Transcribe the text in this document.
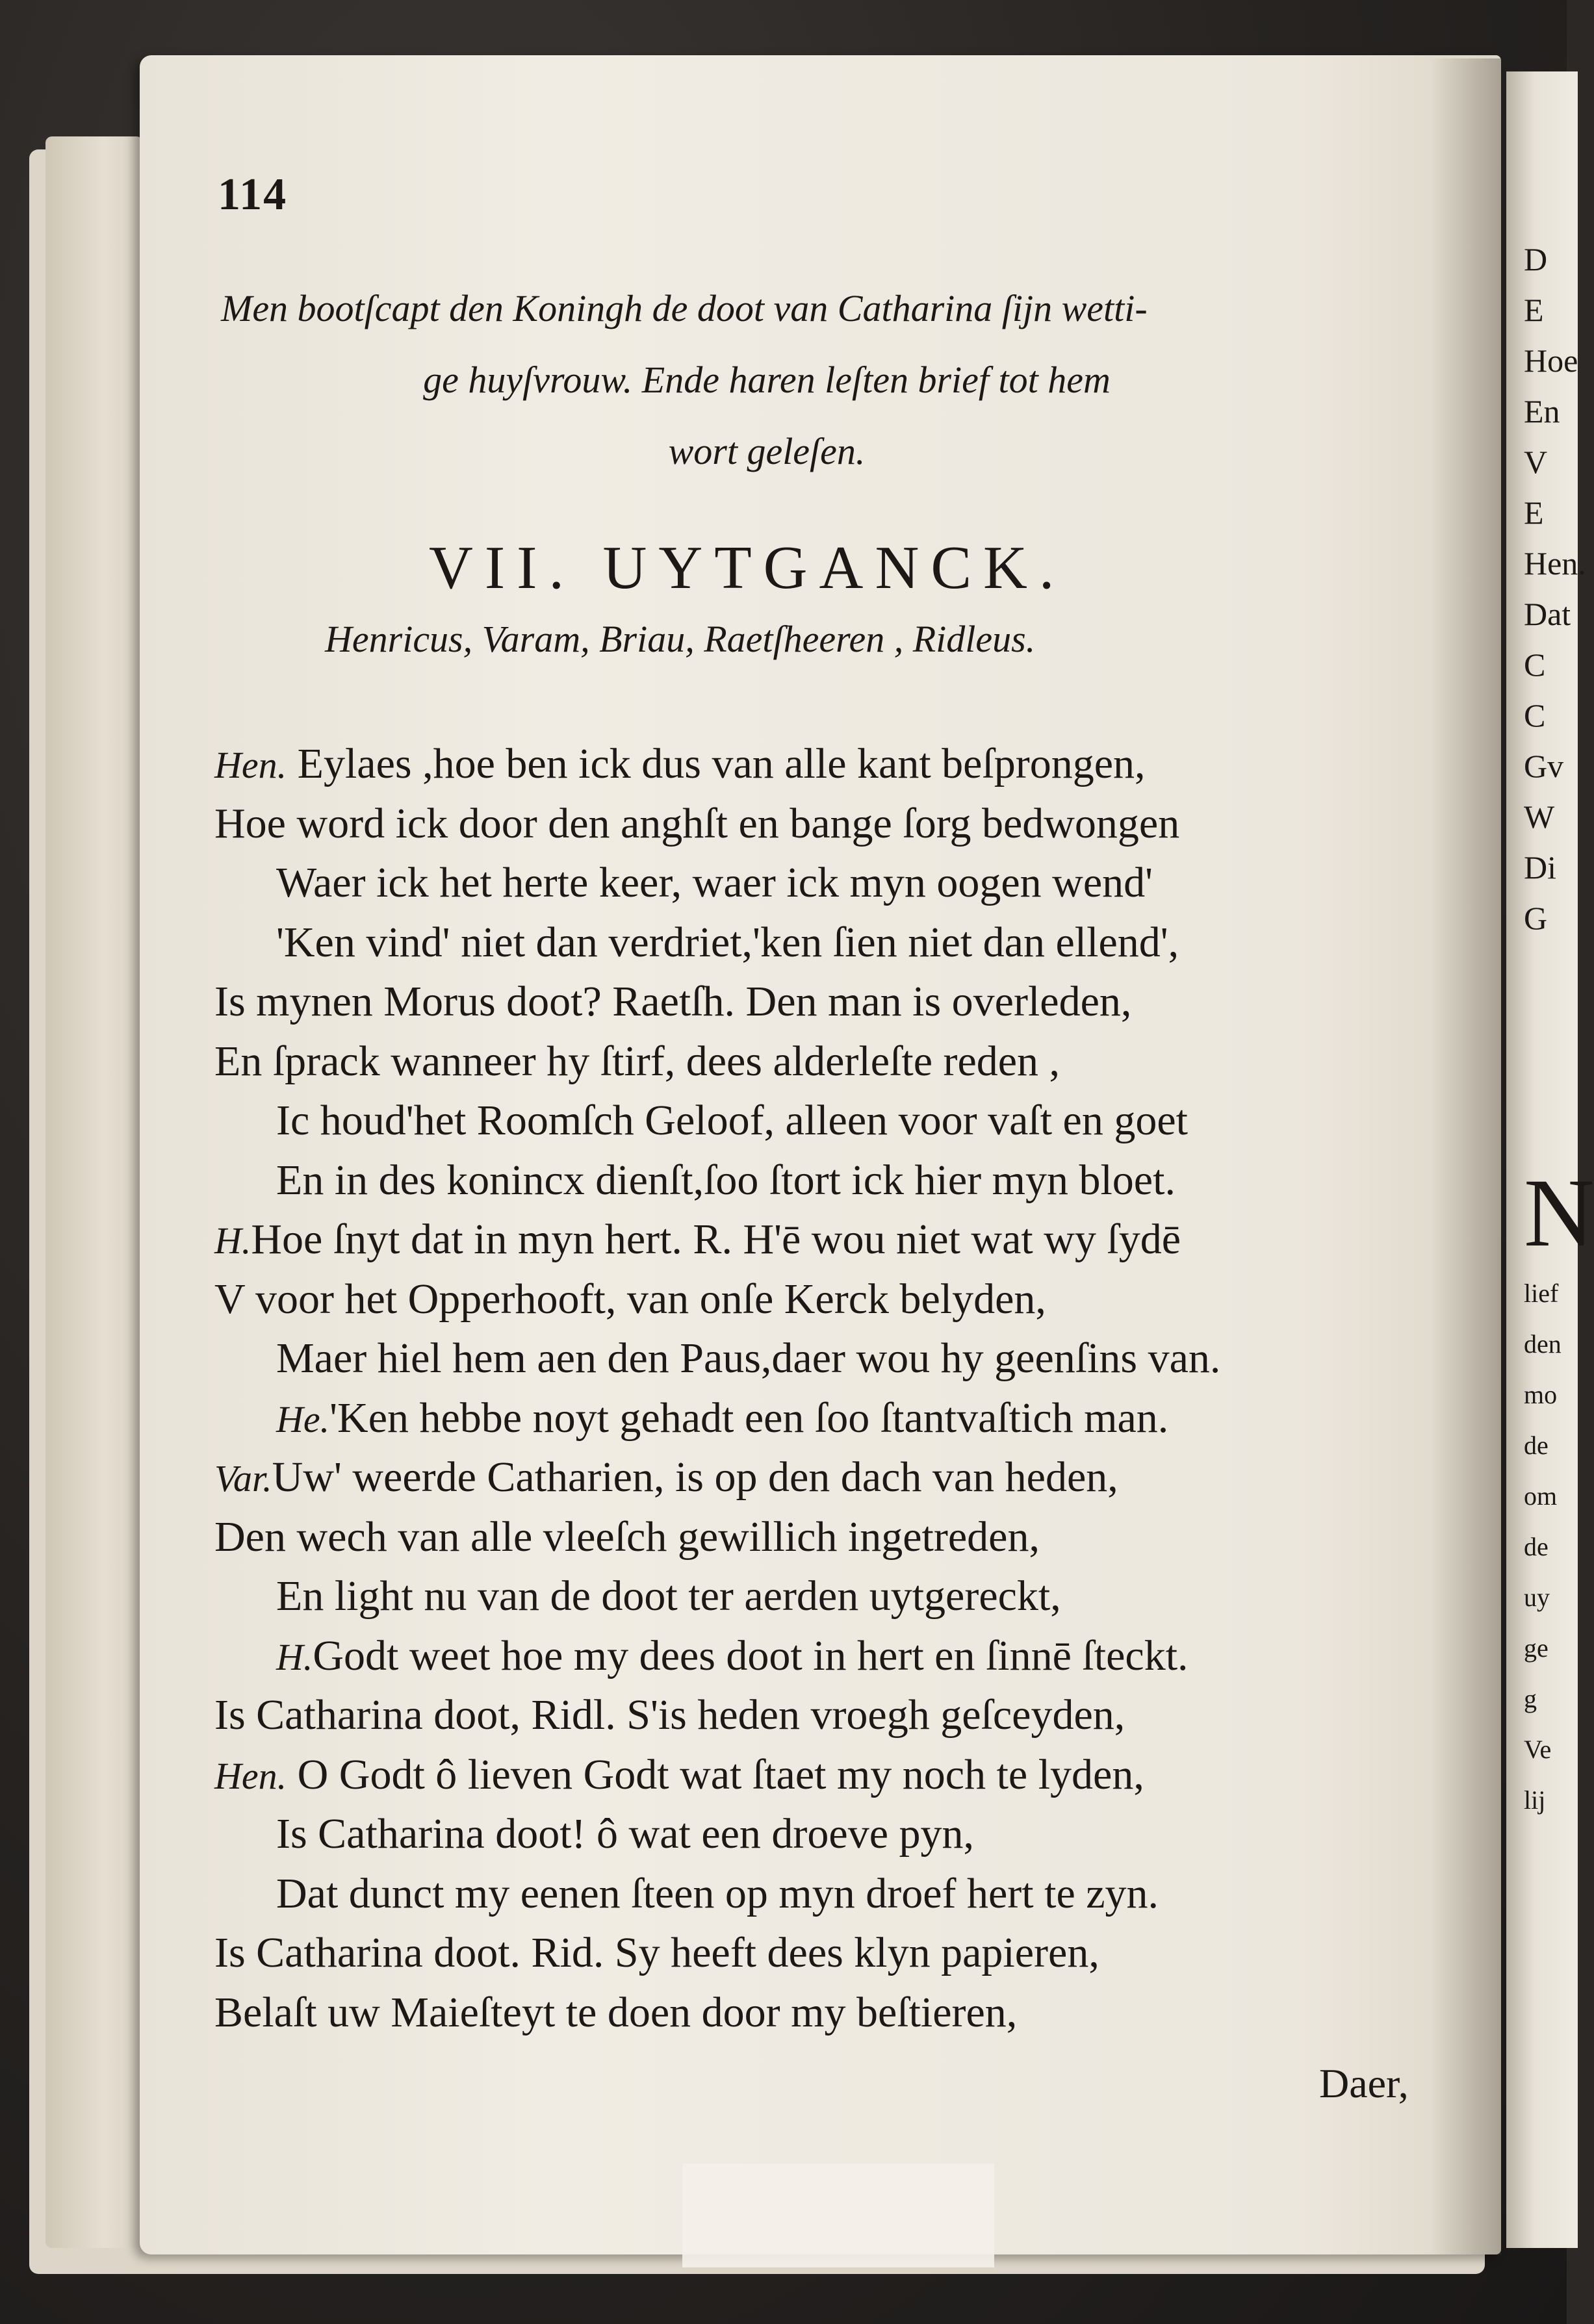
D
E
Hoe
En
V
E
Hen.
Dat
C
C
Gv
W
Di
G
N
lief
den
mo
de
om
de
uy
ge
g
Ve
lij
114
Men bootſcapt den Koningh de doot van Catharina ſijn wetti-
ge huyſvrouw. Ende haren leſten brief tot hem
wort geleſen.
VII. UYTGANCK.
Henricus, Varam, Briau, Raetſheeren , Ridleus.
Hen. Eylaes ,hoe ben ick dus van alle kant beſprongen,
Hoe word ick door den anghſt en bange ſorg bedwongen
Waer ick het herte keer, waer ick myn oogen wend'
'Ken vind' niet dan verdriet,'ken ſien niet dan ellend',
Is mynen Morus doot? Raetſh. Den man is overleden,
En ſprack wanneer hy ſtirf, dees alderleſte reden ,
Ic houd'het Roomſch Geloof, alleen voor vaſt en goet
En in des konincx dienſt,ſoo ſtort ick hier myn bloet.
H.Hoe ſnyt dat in myn hert. R. H'ē wou niet wat wy ſydē
V voor het Opperhooft, van onſe Kerck belyden,
Maer hiel hem aen den Paus,daer wou hy geenſins van.
He.'Ken hebbe noyt gehadt een ſoo ſtantvaſtich man.
Var.Uw' weerde Catharien, is op den dach van heden,
Den wech van alle vleeſch gewillich ingetreden,
En light nu van de doot ter aerden uytgereckt,
H.Godt weet hoe my dees doot in hert en ſinnē ſteckt.
Is Catharina doot, Ridl. S'is heden vroegh geſceyden,
Hen. O Godt ô lieven Godt wat ſtaet my noch te lyden,
Is Catharina doot! ô wat een droeve pyn,
Dat dunct my eenen ſteen op myn droef hert te zyn.
Is Catharina doot. Rid. Sy heeft dees klyn papieren,
Belaſt uw Maieſteyt te doen door my beſtieren,
Daer,
